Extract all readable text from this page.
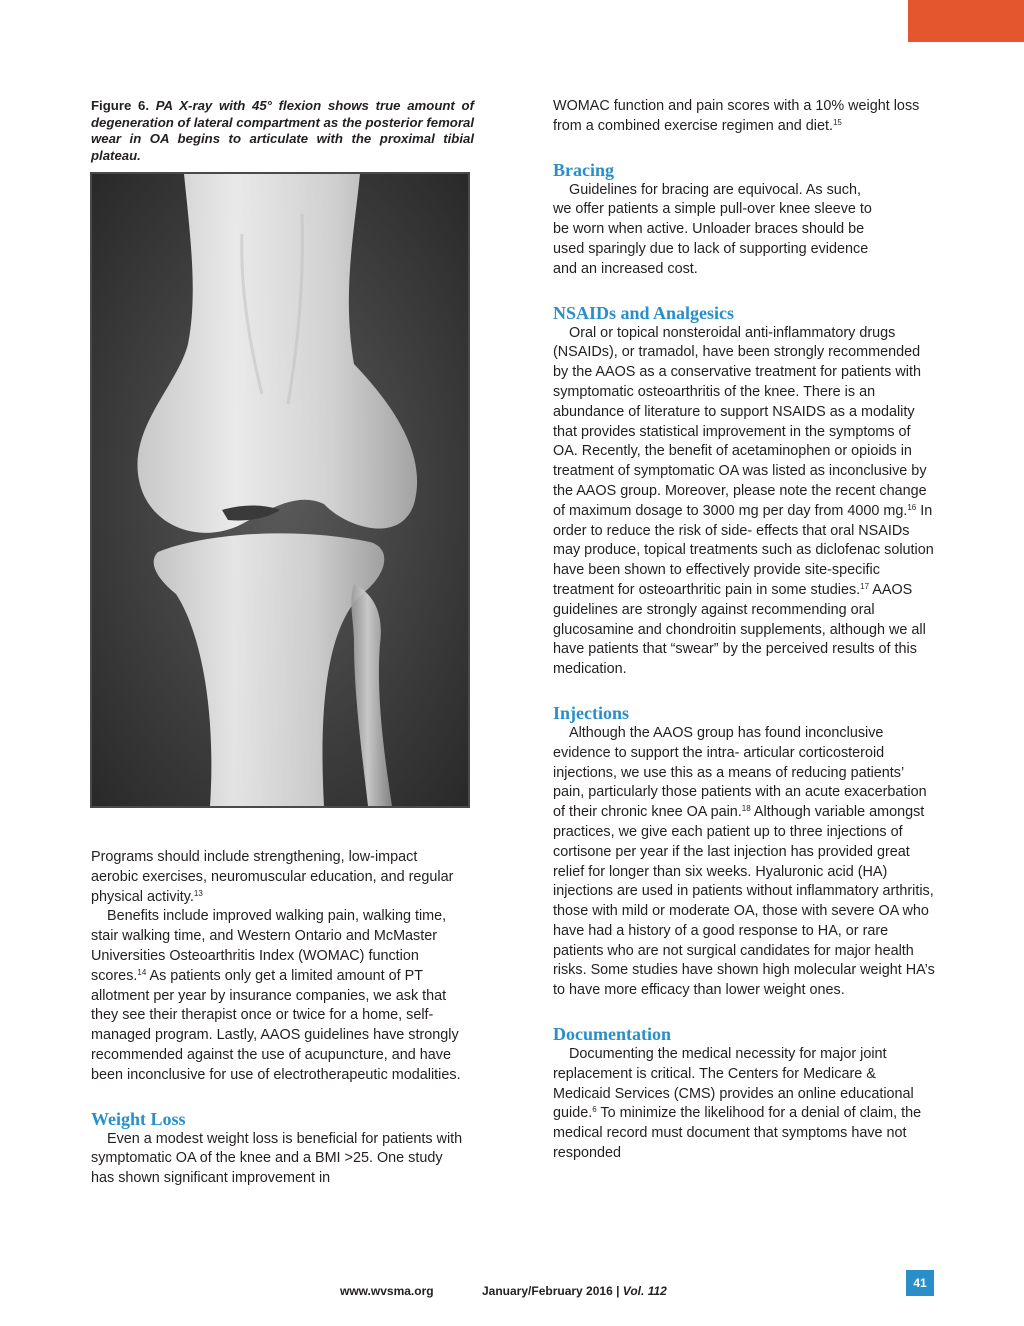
Figure 6. PA X-ray with 45° flexion shows true amount of degeneration of lateral compartment as the posterior femoral wear in OA begins to articulate with the proximal tibial plateau.

Programs should include strengthening, low-impact aerobic exercises, neuromuscular education, and regular physical activity.$^{13}$

Benefits include improved walking pain, walking time, stair walking time, and Western Ontario and McMaster Universities Osteoarthritis Index (WOMAC) function scores.$^{14}$ As patients only get a limited amount of PT allotment per year by insurance companies, we ask that they see their therapist once or twice for a home, self- managed program. Lastly, AAOS guidelines have strongly recommended against the use of acupuncture, and have been inconclusive for use of electrotherapeutic modalities.

Weight Loss

Even a modest weight loss is beneficial for patients with symptomatic OA of the knee and a BMI >25. One study has shown significant improvement in

WOMAC function and pain scores with a 10% weight loss from a combined exercise regimen and diet.$^{15}$

Bracing

Guidelines for bracing are equivocal. As such, we offer patients a simple pull-over knee sleeve to be worn when active. Unloader braces should be used sparingly due to lack of supporting evidence and an increased cost.

NSAIDs and Analgesics

Oral or topical nonsteroidal anti-inflammatory drugs (NSAIDs), or tramadol, have been strongly recommended by the AAOS as a conservative treatment for patients with symptomatic osteoarthritis of the knee. There is an abundance of literature to support NSAIDS as a modality that provides statistical improvement in the symptoms of OA. Recently, the benefit of acetaminophen or opioids in treatment of symptomatic OA was listed as inconclusive by the AAOS group. Moreover, please note the recent change of maximum dosage to 3000 mg per day from 4000 mg.$^{16}$ In order to reduce the risk of side- effects that oral NSAIDs may produce, topical treatments such as diclofenac solution have been shown to effectively provide site-specific treatment for osteoarthritic pain in some studies.$^{17}$ AAOS guidelines are strongly against recommending oral glucosamine and chondroitin supplements, although we all have patients that “swear” by the perceived results of this medication.

Injections

Although the AAOS group has found inconclusive evidence to support the intra- articular corticosteroid injections, we use this as a means of reducing patients’ pain, particularly those patients with an acute exacerbation of their chronic knee OA pain.$^{18}$ Although variable amongst practices, we give each patient up to three injections of cortisone per year if the last injection has provided great relief for longer than six weeks. Hyaluronic acid (HA) injections are used in patients without inflammatory arthritis, those with mild or moderate OA, those with severe OA who have had a history of a good response to HA, or rare patients who are not surgical candidates for major health risks. Some studies have shown high molecular weight HA’s to have more efficacy than lower weight ones.

Documentation

Documenting the medical necessity for major joint replacement is critical. The Centers for Medicare & Medicaid Services (CMS) provides an online educational guide.$^6$ To minimize the likelihood for a denial of claim, the medical record must document that symptoms have not responded

www.wvsma.org	January/February 2016 | Vol. 112
41
